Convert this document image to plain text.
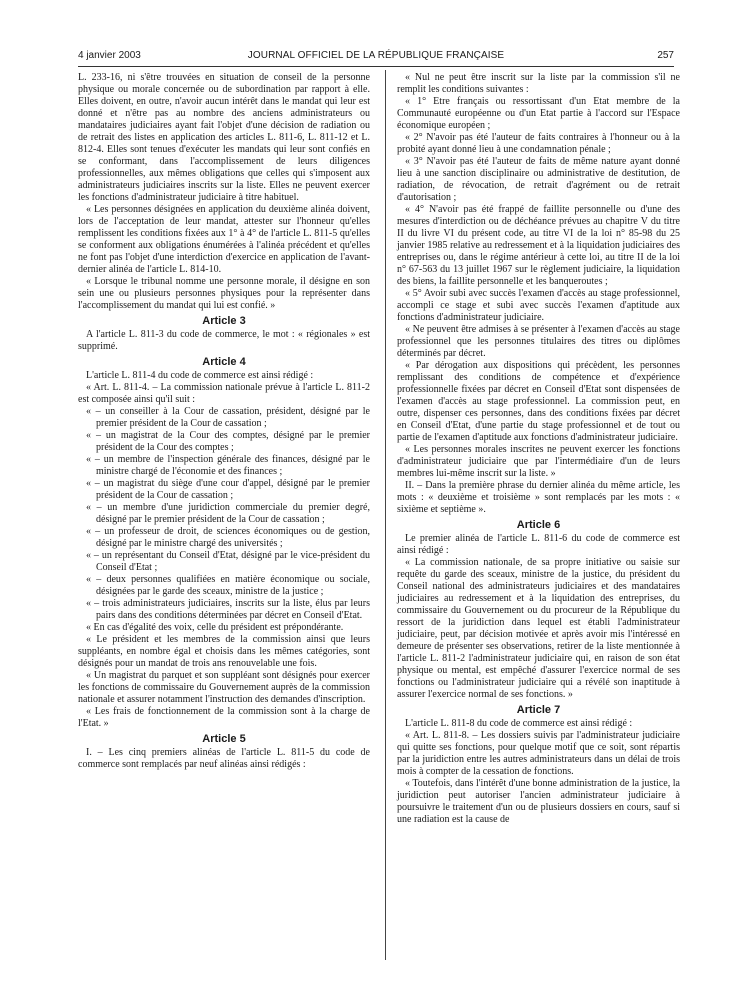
4 janvier 2003	JOURNAL OFFICIEL DE LA RÉPUBLIQUE FRANÇAISE	257

L. 233-16, ni s'être trouvées en situation de conseil de la personne physique ou morale concernée ou de subordination par rapport à elle. Elles doivent, en outre, n'avoir aucun intérêt dans le mandat qui leur est donné et n'être pas au nombre des anciens administrateurs ou mandataires judiciaires ayant fait l'objet d'une décision de radiation ou de retrait des listes en application des articles L. 811-6, L. 811-12 et L. 812-4. Elles sont tenues d'exécuter les mandats qui leur sont confiés en se conformant, dans l'accomplissement de leurs diligences professionnelles, aux mêmes obligations que celles qui s'imposent aux administrateurs judiciaires inscrits sur la liste. Elles ne peuvent exercer les fonctions d'administrateur judiciaire à titre habituel.

« Les personnes désignées en application du deuxième alinéa doivent, lors de l'acceptation de leur mandat, attester sur l'honneur qu'elles remplissent les conditions fixées aux 1° à 4° de l'article L. 811-5 qu'elles se conforment aux obligations énumérées à l'alinéa précédent et qu'elles ne font pas l'objet d'une interdiction d'exercice en application de l'avant-dernier alinéa de l'article L. 814-10.

« Lorsque le tribunal nomme une personne morale, il désigne en son sein une ou plusieurs personnes physiques pour la représenter dans l'accomplissement du mandat qui lui est confié. »

Article 3

A l'article L. 811-3 du code de commerce, le mot : « régionales » est supprimé.

Article 4

L'article L. 811-4 du code de commerce est ainsi rédigé :

« Art. L. 811-4. – La commission nationale prévue à l'article L. 811-2 est composée ainsi qu'il suit :

« – un conseiller à la Cour de cassation, président, désigné par le premier président de la Cour de cassation ;

« – un magistrat de la Cour des comptes, désigné par le premier président de la Cour des comptes ;

« – un membre de l'inspection générale des finances, désigné par le ministre chargé de l'économie et des finances ;

« – un magistrat du siège d'une cour d'appel, désigné par le premier président de la Cour de cassation ;

« – un membre d'une juridiction commerciale du premier degré, désigné par le premier président de la Cour de cassation ;

« – un professeur de droit, de sciences économiques ou de gestion, désigné par le ministre chargé des universités ;

« – un représentant du Conseil d'Etat, désigné par le vice-président du Conseil d'Etat ;

« – deux personnes qualifiées en matière économique ou sociale, désignées par le garde des sceaux, ministre de la justice ;

« – trois administrateurs judiciaires, inscrits sur la liste, élus par leurs pairs dans des conditions déterminées par décret en Conseil d'Etat.

« En cas d'égalité des voix, celle du président est prépondérante.

« Le président et les membres de la commission ainsi que leurs suppléants, en nombre égal et choisis dans les mêmes catégories, sont désignés pour un mandat de trois ans renouvelable une fois.

« Un magistrat du parquet et son suppléant sont désignés pour exercer les fonctions de commissaire du Gouvernement auprès de la commission nationale et assurer notamment l'instruction des demandes d'inscription.

« Les frais de fonctionnement de la commission sont à la charge de l'Etat. »

Article 5

I. – Les cinq premiers alinéas de l'article L. 811-5 du code de commerce sont remplacés par neuf alinéas ainsi rédigés :

« Nul ne peut être inscrit sur la liste par la commission s'il ne remplit les conditions suivantes :

« 1° Etre français ou ressortissant d'un Etat membre de la Communauté européenne ou d'un Etat partie à l'accord sur l'Espace économique européen ;

« 2° N'avoir pas été l'auteur de faits contraires à l'honneur ou à la probité ayant donné lieu à une condamnation pénale ;

« 3° N'avoir pas été l'auteur de faits de même nature ayant donné lieu à une sanction disciplinaire ou administrative de destitution, de radiation, de révocation, de retrait d'agrément ou de retrait d'autorisation ;

« 4° N'avoir pas été frappé de faillite personnelle ou d'une des mesures d'interdiction ou de déchéance prévues au chapitre V du titre II du livre VI du présent code, au titre VI de la loi n° 85-98 du 25 janvier 1985 relative au redressement et à la liquidation judiciaires des entreprises ou, dans le régime antérieur à cette loi, au titre II de la loi n° 67-563 du 13 juillet 1967 sur le règlement judiciaire, la liquidation des biens, la faillite personnelle et les banqueroutes ;

« 5° Avoir subi avec succès l'examen d'accès au stage professionnel, accompli ce stage et subi avec succès l'examen d'aptitude aux fonctions d'administrateur judiciaire.

« Ne peuvent être admises à se présenter à l'examen d'accès au stage professionnel que les personnes titulaires des titres ou diplômes déterminés par décret.

« Par dérogation aux dispositions qui précèdent, les personnes remplissant des conditions de compétence et d'expérience professionnelle fixées par décret en Conseil d'Etat sont dispensées de l'examen d'accès au stage professionnel. La commission peut, en outre, dispenser ces personnes, dans des conditions fixées par décret en Conseil d'Etat, d'une partie du stage professionnel et de tout ou partie de l'examen d'aptitude aux fonctions d'administrateur judiciaire.

« Les personnes morales inscrites ne peuvent exercer les fonctions d'administrateur judiciaire que par l'intermédiaire d'un de leurs membres lui-même inscrit sur la liste. »

II. – Dans la première phrase du dernier alinéa du même article, les mots : « deuxième et troisième » sont remplacés par les mots : « sixième et septième ».

Article 6

Le premier alinéa de l'article L. 811-6 du code de commerce est ainsi rédigé :

« La commission nationale, de sa propre initiative ou saisie sur requête du garde des sceaux, ministre de la justice, du président du Conseil national des administrateurs judiciaires et des mandataires judiciaires au redressement et à la liquidation des entreprises, du commissaire du Gouvernement ou du procureur de la République du ressort de la juridiction dans lequel est établi l'administrateur judiciaire, peut, par décision motivée et après avoir mis l'intéressé en demeure de présenter ses observations, retirer de la liste mentionnée à l'article L. 811-2 l'administrateur judiciaire qui, en raison de son état physique ou mental, est empêché d'assurer l'exercice normal de ses fonctions ou l'administrateur judiciaire qui a révélé son inaptitude à assurer l'exercice normal de ses fonctions. »

Article 7

L'article L. 811-8 du code de commerce est ainsi rédigé :

« Art. L. 811-8. – Les dossiers suivis par l'administrateur judiciaire qui quitte ses fonctions, pour quelque motif que ce soit, sont répartis par la juridiction entre les autres administrateurs dans un délai de trois mois à compter de la cessation de fonctions.

« Toutefois, dans l'intérêt d'une bonne administration de la justice, la juridiction peut autoriser l'ancien administrateur judiciaire à poursuivre le traitement d'un ou de plusieurs dossiers en cours, sauf si une radiation est la cause de
